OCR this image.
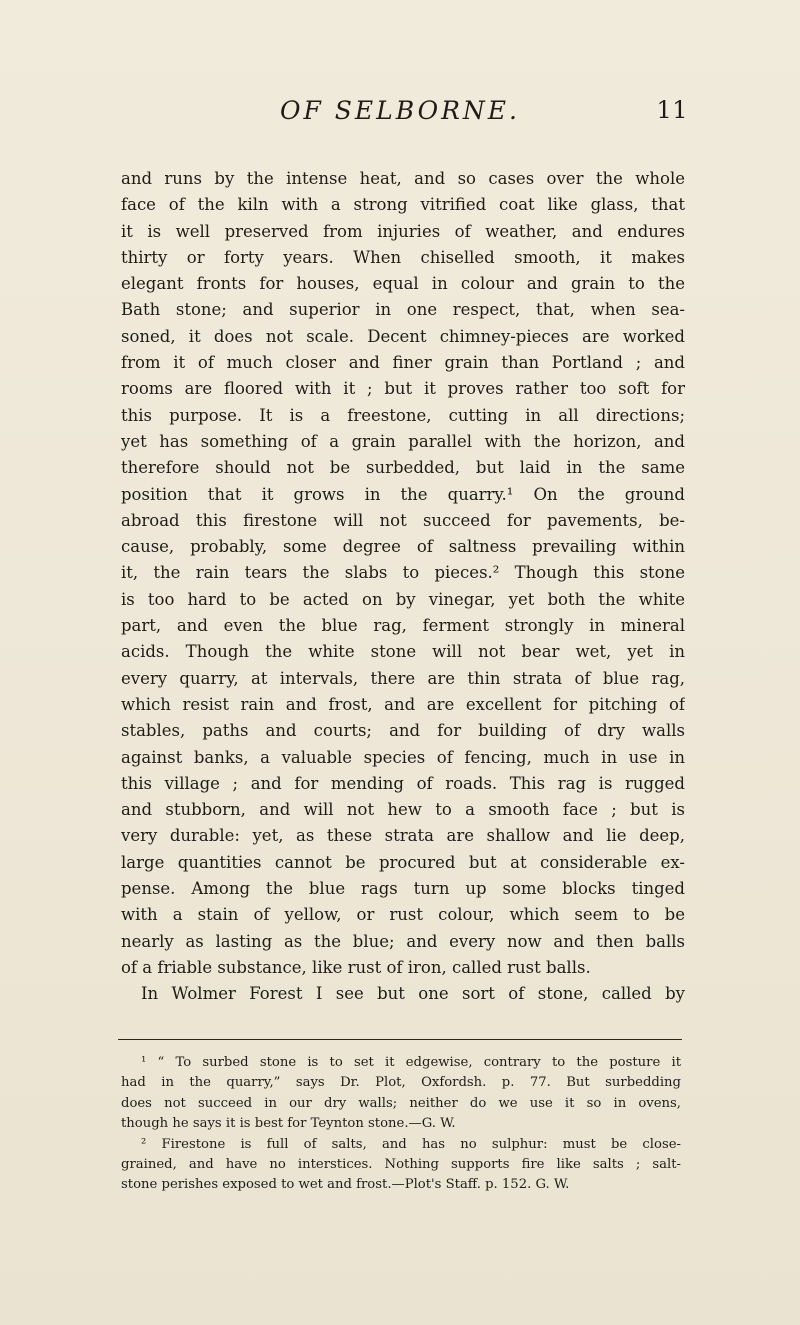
OF SELBORNE.	11
and runs by the intense heat, and so cases over the whole
face of the kiln with a strong vitrified coat like glass, that
it is well preserved from injuries of weather, and endures
thirty or forty years. When chiselled smooth, it makes
elegant fronts for houses, equal in colour and grain to the
Bath stone; and superior in one respect, that, when sea-
soned, it does not scale. Decent chimney-pieces are worked
from it of much closer and finer grain than Portland ; and
rooms are floored with it ; but it proves rather too soft for
this purpose. It is a freestone, cutting in all directions;
yet has something of a grain parallel with the horizon, and
therefore should not be surbedded, but laid in the same
position that it grows in the quarry.¹ On the ground
abroad this firestone will not succeed for pavements, be-
cause, probably, some degree of saltness prevailing within
it, the rain tears the slabs to pieces.² Though this stone
is too hard to be acted on by vinegar, yet both the white
part, and even the blue rag, ferment strongly in mineral
acids. Though the white stone will not bear wet, yet in
every quarry, at intervals, there are thin strata of blue rag,
which resist rain and frost, and are excellent for pitching of
stables, paths and courts; and for building of dry walls
against banks, a valuable species of fencing, much in use in
this village ; and for mending of roads. This rag is rugged
and stubborn, and will not hew to a smooth face ; but is
very durable: yet, as these strata are shallow and lie deep,
large quantities cannot be procured but at considerable ex-
pense. Among the blue rags turn up some blocks tinged
with a stain of yellow, or rust colour, which seem to be
nearly as lasting as the blue; and every now and then balls
of a friable substance, like rust of iron, called rust balls.
In Wolmer Forest I see but one sort of stone, called by
¹ “ To surbed stone is to set it edgewise, contrary to the posture it
had in the quarry,” says Dr. Plot, Oxfordsh. p. 77. But surbedding
does not succeed in our dry walls; neither do we use it so in ovens,
though he says it is best for Teynton stone.—G. W.
² Firestone is full of salts, and has no sulphur: must be close-
grained, and have no interstices. Nothing supports fire like salts ; salt-
stone perishes exposed to wet and frost.—Plot's Staff. p. 152. G. W.
